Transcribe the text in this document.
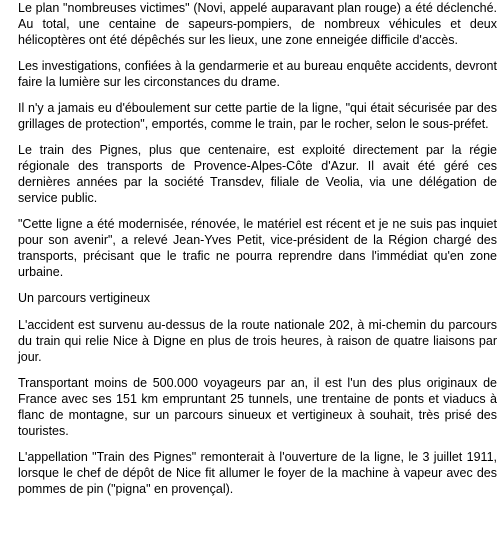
Le plan "nombreuses victimes" (Novi, appelé auparavant plan rouge) a été déclenché. Au total, une centaine de sapeurs-pompiers, de nombreux véhicules et deux hélicoptères ont été dépêchés sur les lieux, une zone enneigée difficile d'accès.

Les investigations, confiées à la gendarmerie et au bureau enquête accidents, devront faire la lumière sur les circonstances du drame.

Il n'y a jamais eu d'éboulement sur cette partie de la ligne, "qui était sécurisée par des grillages de protection", emportés, comme le train, par le rocher, selon le sous-préfet.

Le train des Pignes, plus que centenaire, est exploité directement par la régie régionale des transports de Provence-Alpes-Côte d'Azur. Il avait été géré ces dernières années par la société Transdev, filiale de Veolia, via une délégation de service public.

"Cette ligne a été modernisée, rénovée, le matériel est récent et je ne suis pas inquiet pour son avenir", a relevé Jean-Yves Petit, vice-président de la Région chargé des transports, précisant que le trafic ne pourra reprendre dans l'immédiat qu'en zone urbaine.

Un parcours vertigineux

L'accident est survenu au-dessus de la route nationale 202, à mi-chemin du parcours du train qui relie Nice à Digne en plus de trois heures, à raison de quatre liaisons par jour.

Transportant moins de 500.000 voyageurs par an, il est l'un des plus originaux de France avec ses 151 km empruntant 25 tunnels, une trentaine de ponts et viaducs à flanc de montagne, sur un parcours sinueux et vertigineux à souhait, très prisé des touristes.

L'appellation "Train des Pignes" remonterait à l'ouverture de la ligne, le 3 juillet 1911, lorsque le chef de dépôt de Nice fit allumer le foyer de la machine à vapeur avec des pommes de pin ("pigna" en provençal).
